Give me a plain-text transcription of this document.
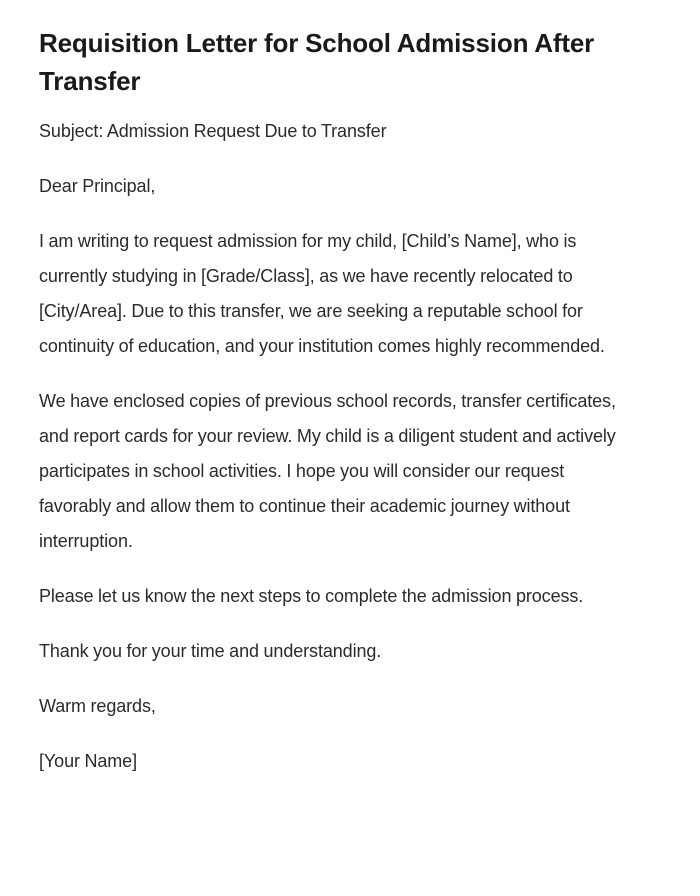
Requisition Letter for School Admission After Transfer

Subject: Admission Request Due to Transfer

Dear Principal,

I am writing to request admission for my child, [Child’s Name], who is currently studying in [Grade/Class], as we have recently relocated to [City/Area]. Due to this transfer, we are seeking a reputable school for continuity of education, and your institution comes highly recommended.

We have enclosed copies of previous school records, transfer certificates, and report cards for your review. My child is a diligent student and actively participates in school activities. I hope you will consider our request favorably and allow them to continue their academic journey without interruption.

Please let us know the next steps to complete the admission process.

Thank you for your time and understanding.

Warm regards,

[Your Name]
